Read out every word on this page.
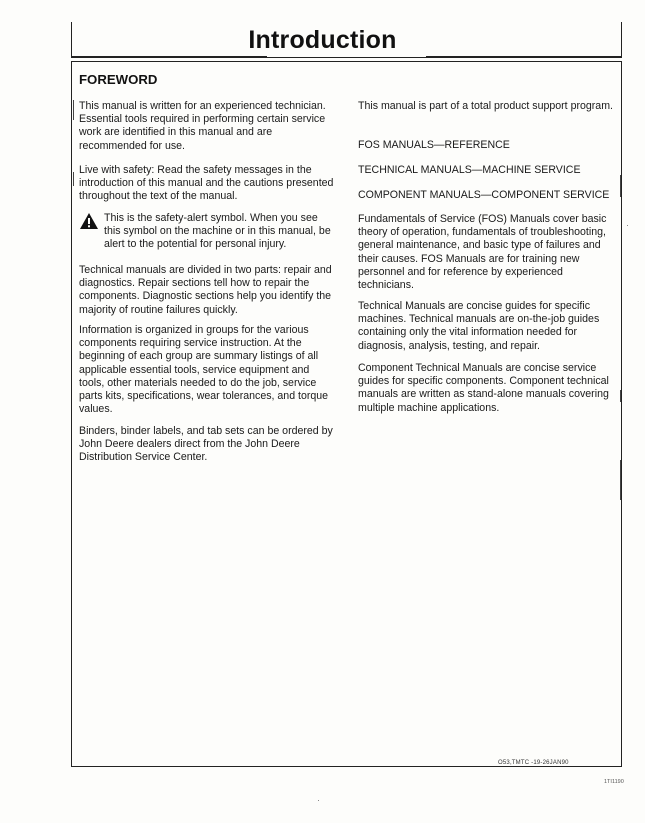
Introduction
FOREWORD

This manual is written for an experienced technician. Essential tools required in performing certain service work are identified in this manual and are recommended for use.

Live with safety: Read the safety messages in the introduction of this manual and the cautions presented throughout the text of the manual.

This is the safety-alert symbol. When you see this symbol on the machine or in this manual, be alert to the potential for personal injury.

Technical manuals are divided in two parts: repair and diagnostics. Repair sections tell how to repair the components. Diagnostic sections help you identify the majority of routine failures quickly.

Information is organized in groups for the various components requiring service instruction. At the beginning of each group are summary listings of all applicable essential tools, service equipment and tools, other materials needed to do the job, service parts kits, specifications, wear tolerances, and torque values.

Binders, binder labels, and tab sets can be ordered by John Deere dealers direct from the John Deere Distribution Service Center.

This manual is part of a total product support program.

FOS MANUALS—REFERENCE

TECHNICAL MANUALS—MACHINE SERVICE

COMPONENT MANUALS—COMPONENT SERVICE

Fundamentals of Service (FOS) Manuals cover basic theory of operation, fundamentals of troubleshooting, general maintenance, and basic type of failures and their causes. FOS Manuals are for training new personnel and for reference by experienced technicians.

Technical Manuals are concise guides for specific machines. Technical manuals are on-the-job guides containing only the vital information needed for diagnosis, analysis, testing, and repair.

Component Technical Manuals are concise service guides for specific components. Component technical manuals are written as stand-alone manuals covering multiple machine applications.

O53,TMTC -19-26JAN90
1TI1190
